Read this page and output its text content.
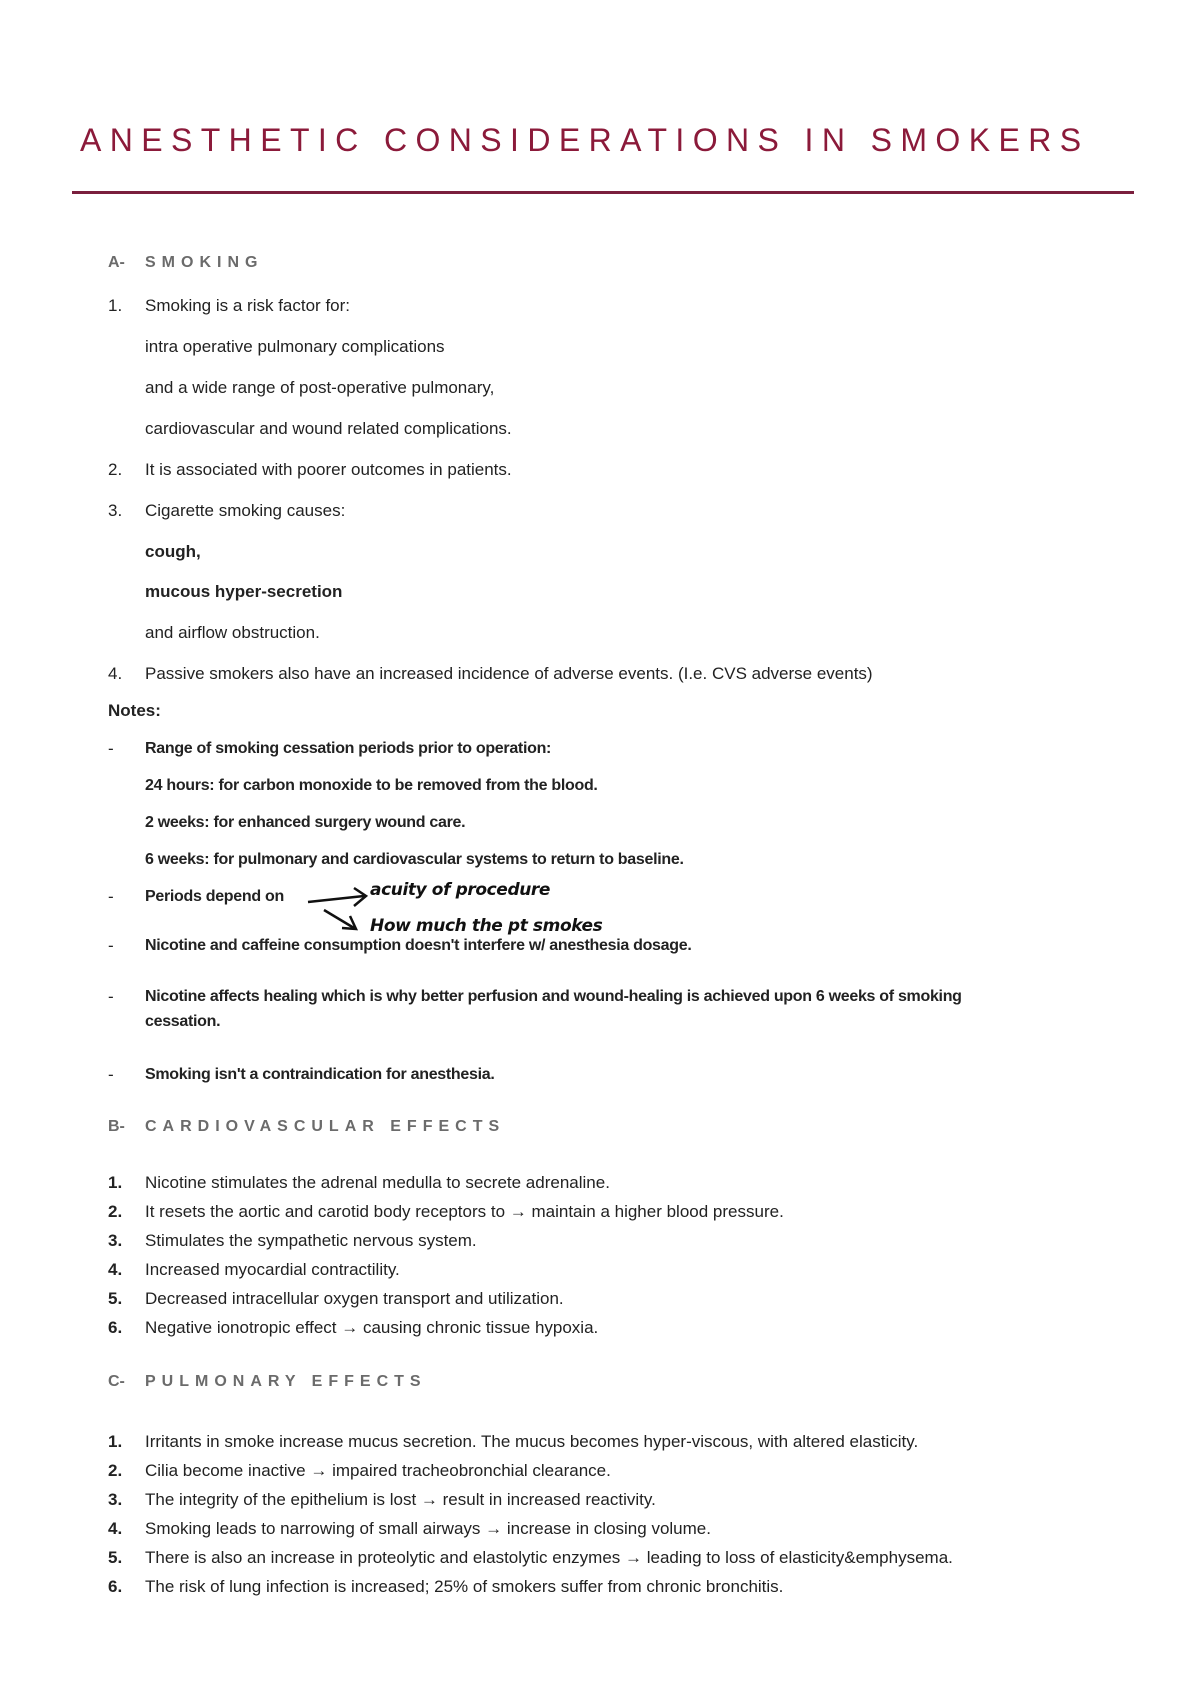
ANESTHETIC CONSIDERATIONS IN SMOKERS
A- SMOKING
1. Smoking is a risk factor for:
intra operative pulmonary complications
and a wide range of post-operative pulmonary,
cardiovascular and wound related complications.
2. It is associated with poorer outcomes in patients.
3. Cigarette smoking causes:
cough,
mucous hyper-secretion
and airflow obstruction.
4. Passive smokers also have an increased incidence of adverse events. (I.e. CVS adverse events)
Notes:
- Range of smoking cessation periods prior to operation:
24 hours: for carbon monoxide to be removed from the blood.
2 weeks: for enhanced surgery wound care.
6 weeks: for pulmonary and cardiovascular systems to return to baseline.
- Periods depend on	acuity of procedure
How much the pt smokes
- Nicotine and caffeine consumption doesn't interfere w/ anesthesia dosage.
- Nicotine affects healing which is why better perfusion and wound-healing is achieved upon 6 weeks of smoking
cessation.
- Smoking isn't a contraindication for anesthesia.
B- CARDIOVASCULAR EFFECTS
1. Nicotine stimulates the adrenal medulla to secrete adrenaline.
2. It resets the aortic and carotid body receptors to → maintain a higher blood pressure.
3. Stimulates the sympathetic nervous system.
4. Increased myocardial contractility.
5. Decreased intracellular oxygen transport and utilization.
6. Negative ionotropic effect → causing chronic tissue hypoxia.
C- PULMONARY EFFECTS
1. Irritants in smoke increase mucus secretion. The mucus becomes hyper-viscous, with altered elasticity.
2. Cilia become inactive → impaired tracheobronchial clearance.
3. The integrity of the epithelium is lost → result in increased reactivity.
4. Smoking leads to narrowing of small airways → increase in closing volume.
5. There is also an increase in proteolytic and elastolytic enzymes → leading to loss of elasticity&emphysema.
6. The risk of lung infection is increased; 25% of smokers suffer from chronic bronchitis.
